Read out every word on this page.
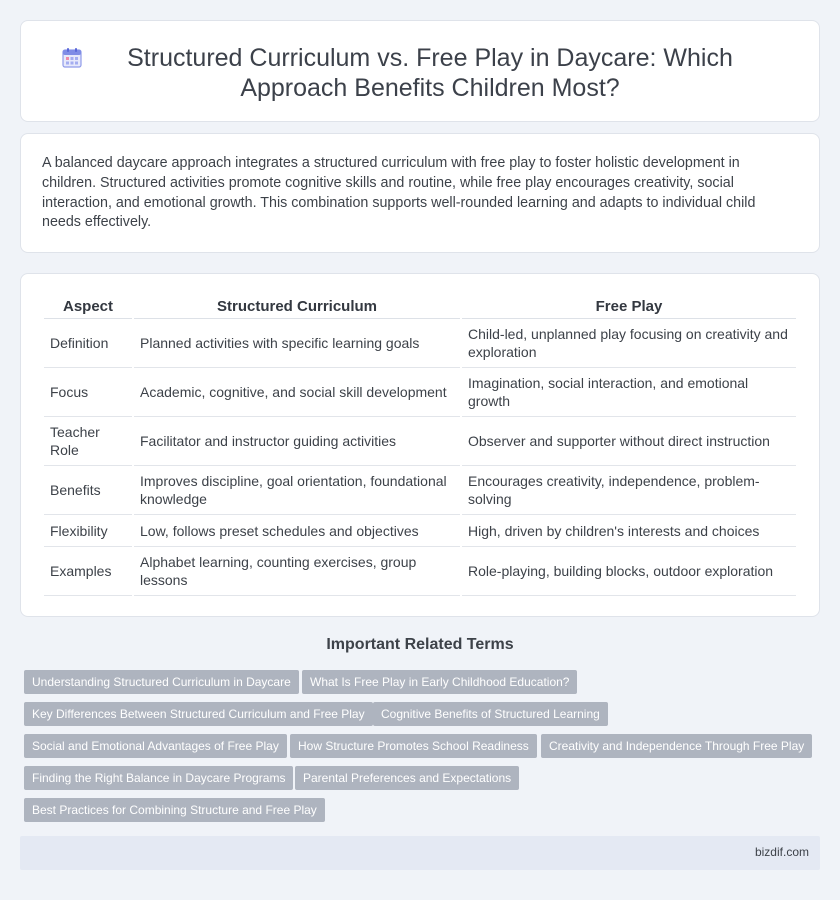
Structured Curriculum vs. Free Play in Daycare: Which Approach Benefits Children Most?

A balanced daycare approach integrates a structured curriculum with free play to foster holistic development in children. Structured activities promote cognitive skills and routine, while free play encourages creativity, social interaction, and emotional growth. This combination supports well-rounded learning and adapts to individual child needs effectively.

Aspect	Structured Curriculum	Free Play
Definition	Planned activities with specific learning goals	Child-led, unplanned play focusing on creativity and exploration
Focus	Academic, cognitive, and social skill development	Imagination, social interaction, and emotional growth
Teacher Role	Facilitator and instructor guiding activities	Observer and supporter without direct instruction
Benefits	Improves discipline, goal orientation, foundational knowledge	Encourages creativity, independence, problem-solving
Flexibility	Low, follows preset schedules and objectives	High, driven by children's interests and choices
Examples	Alphabet learning, counting exercises, group lessons	Role-playing, building blocks, outdoor exploration
Important Related Terms
Understanding Structured Curriculum in Daycare	What Is Free Play in Early Childhood Education?
Key Differences Between Structured Curriculum and Free Play	Cognitive Benefits of Structured Learning
Social and Emotional Advantages of Free Play	How Structure Promotes School Readiness	Creativity and Independence Through Free Play
Finding the Right Balance in Daycare Programs	Parental Preferences and Expectations
Best Practices for Combining Structure and Free Play
bizdif.com
